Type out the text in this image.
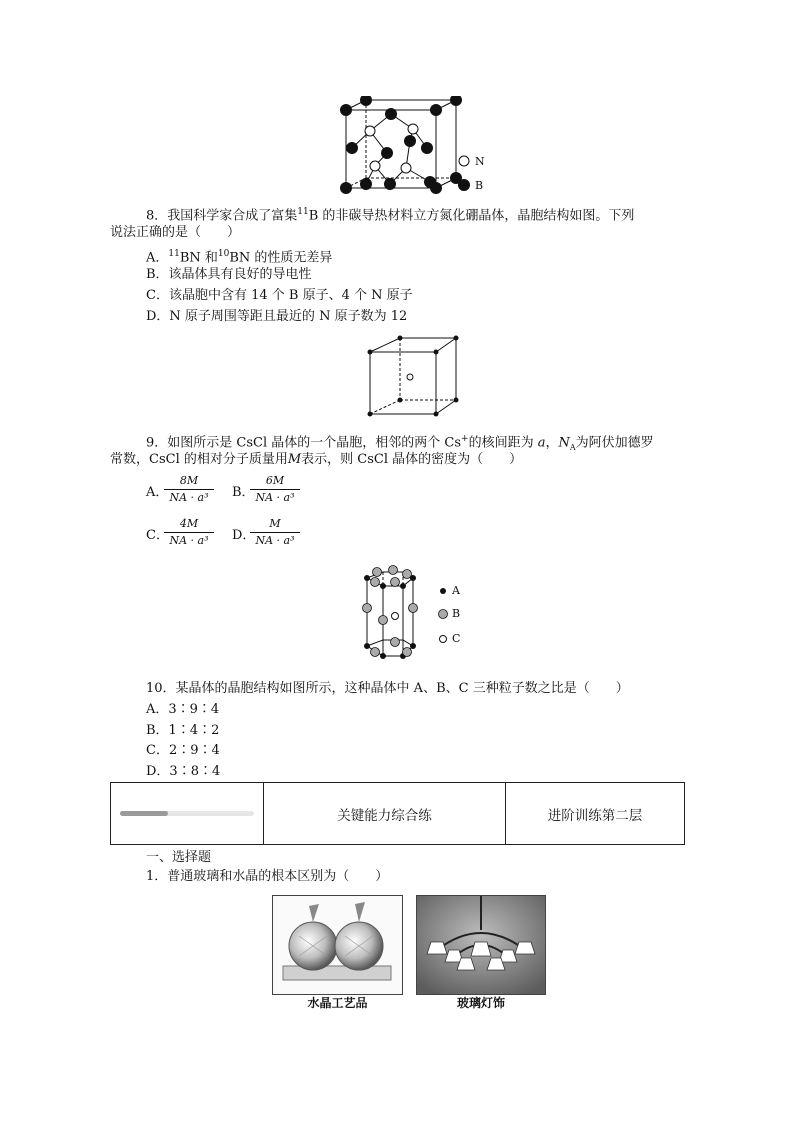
N
B
8．我国科学家合成了富集$^{11}$B 的非碳导热材料立方氮化硼晶体，晶胞结构如图。下列
说法正确的是（　　）
A．$^{11}$BN 和$^{10}$BN 的性质无差异
B．该晶体具有良好的导电性
C．该晶胞中含有 14 个 B 原子、4 个 N 原子
D．N 原子周围等距且最近的 N 原子数为 12
9．如图所示是 CsCl 晶体的一个晶胞，相邻的两个 Cs+的核间距为 a，$N_A$为阿伏加德罗
常数，CsCl 的相对分子质量用M表示，则 CsCl 晶体的密度为（　　）
A．
$\frac{8M}{\text{NA · a³}}$ B．
$\frac{6M}{\text{NA · a³}}$
C．
$\frac{4M}{\text{NA · a³}}$ D．
$\frac{M}{\text{NA · a³}}$
A
B
C
10．某晶体的晶胞结构如图所示，这种晶体中 A、B、C 三种粒子数之比是（　　）
A．3∶9∶4
B．1∶4∶2
C．2∶9∶4
D．3∶8∶4
	关键能力综合练	进阶训练第二层
一、选择题
1．普通玻璃和水晶的根本区别为（　　）
水晶工艺品	玻璃灯饰
